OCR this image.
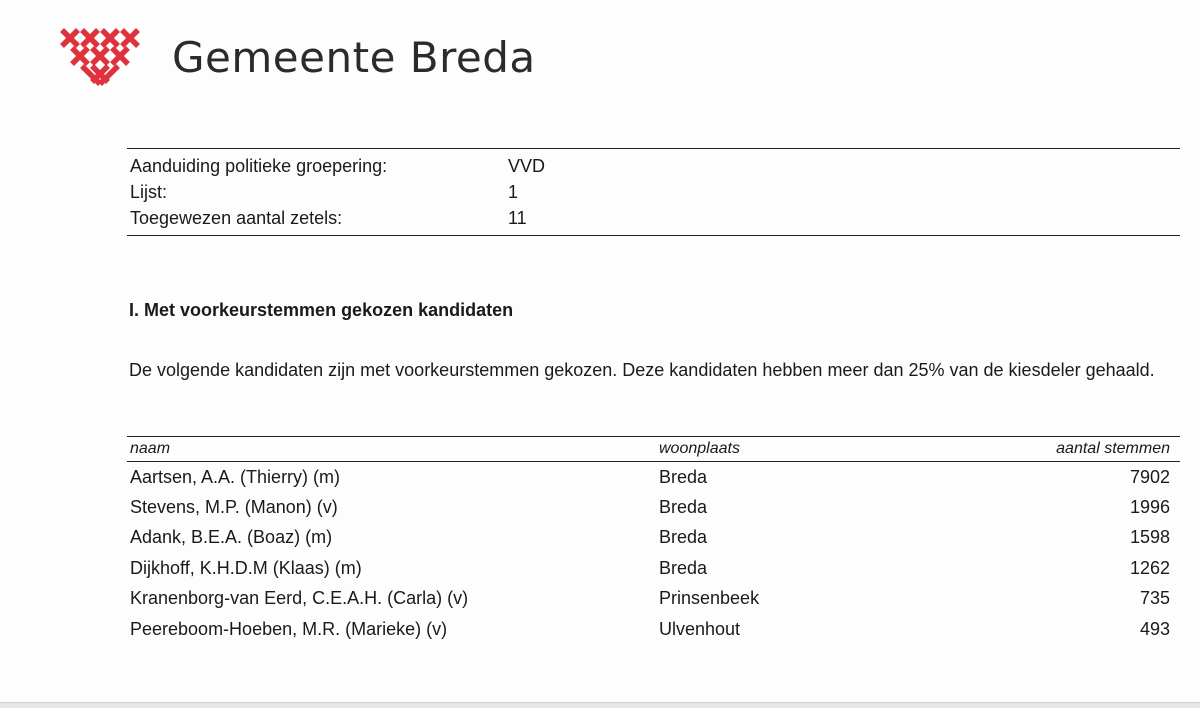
Gemeente Breda
Aanduiding politieke groepering:	VVD
Lijst:	1
Toegewezen aantal zetels:	11
I. Met voorkeurstemmen gekozen kandidaten
De volgende kandidaten zijn met voorkeurstemmen gekozen. Deze kandidaten hebben meer dan 25% van de kiesdeler gehaald.
naam	woonplaats	aantal stemmen
Aartsen, A.A. (Thierry) (m)	Breda	7902
Stevens, M.P. (Manon) (v)	Breda	1996
Adank, B.E.A. (Boaz) (m)	Breda	1598
Dijkhoff, K.H.D.M (Klaas) (m)	Breda	1262
Kranenborg-van Eerd, C.E.A.H. (Carla) (v)	Prinsenbeek	735
Peereboom-Hoeben, M.R. (Marieke) (v)	Ulvenhout	493
